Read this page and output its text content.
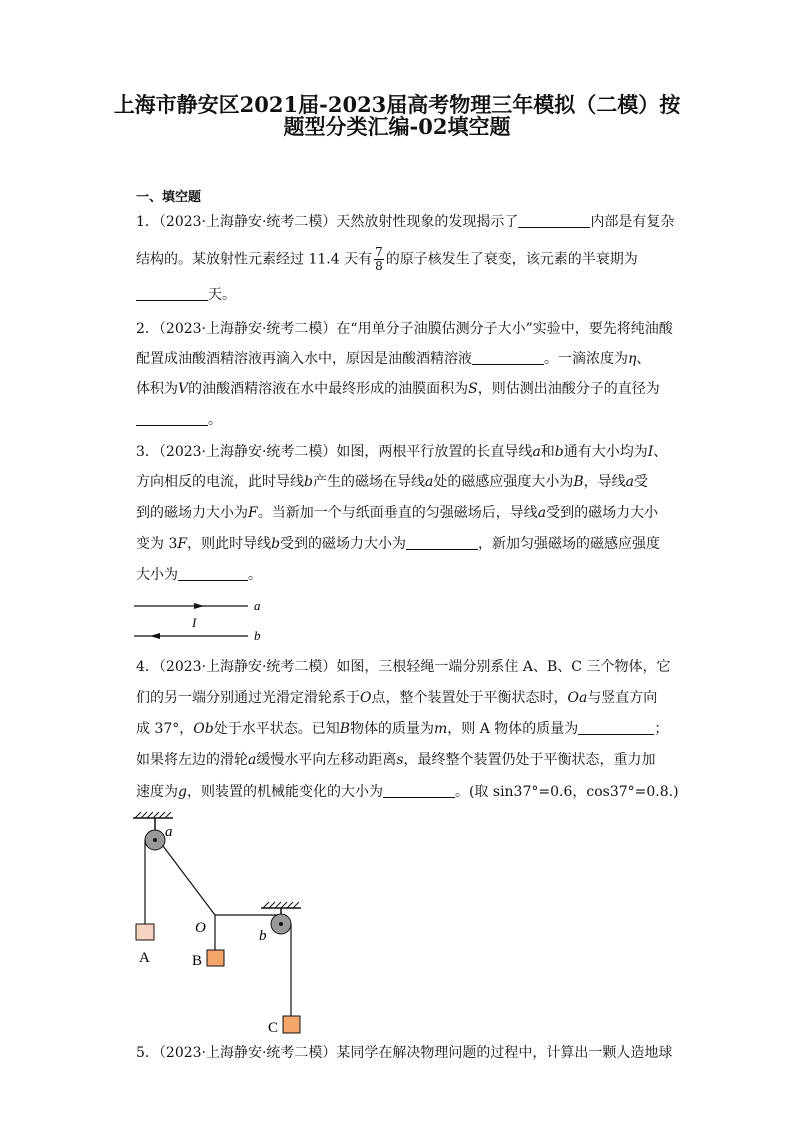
上海市静安区2021届-2023届高考物理三年模拟（二模）按
题型分类汇编-02填空题
一、填空题
1．（2023·上海静安·统考二模）天然放射性现象的发现揭示了	内部是有复杂
结构的。某放射性元素经过 11.4 天有 $\frac{7}{8}$ 的原子核发生了衰变，该元素的半衰期为
天。
2．（2023·上海静安·统考二模）在“用单分子油膜估测分子大小”实验中，要先将纯油酸
配置成油酸酒精溶液再滴入水中，原因是油酸酒精溶液	。一滴浓度为η、
体积为V的油酸酒精溶液在水中最终形成的油膜面积为S，则估测出油酸分子的直径为
。
3．（2023·上海静安·统考二模）如图，两根平行放置的长直导线a和b通有大小均为I、
方向相反的电流，此时导线b产生的磁场在导线a处的磁感应强度大小为B，导线a受
到的磁场力大小为F。当新加一个与纸面垂直的匀强磁场后，导线a受到的磁场力大小
变为 3F，则此时导线b受到的磁场力大小为	，新加匀强磁场的磁感应强度
大小为	。
a
I
b
4．（2023·上海静安·统考二模）如图，三根轻绳一端分别系住 A、B、C 三个物体，它
们的另一端分别通过光滑定滑轮系于O点，整个装置处于平衡状态时，Oa与竖直方向
成 37°，Ob处于水平状态。已知B物体的质量为m，则 A 物体的质量为	；
如果将左边的滑轮a缓慢水平向左移动距离s，最终整个装置仍处于平衡状态，重力加
速度为g，则装置的机械能变化的大小为	。(取 sin37°=0.6，cos37°=0.8.)
a
A
O
B
b
C
5．（2023·上海静安·统考二模）某同学在解决物理问题的过程中，计算出一颗人造地球
